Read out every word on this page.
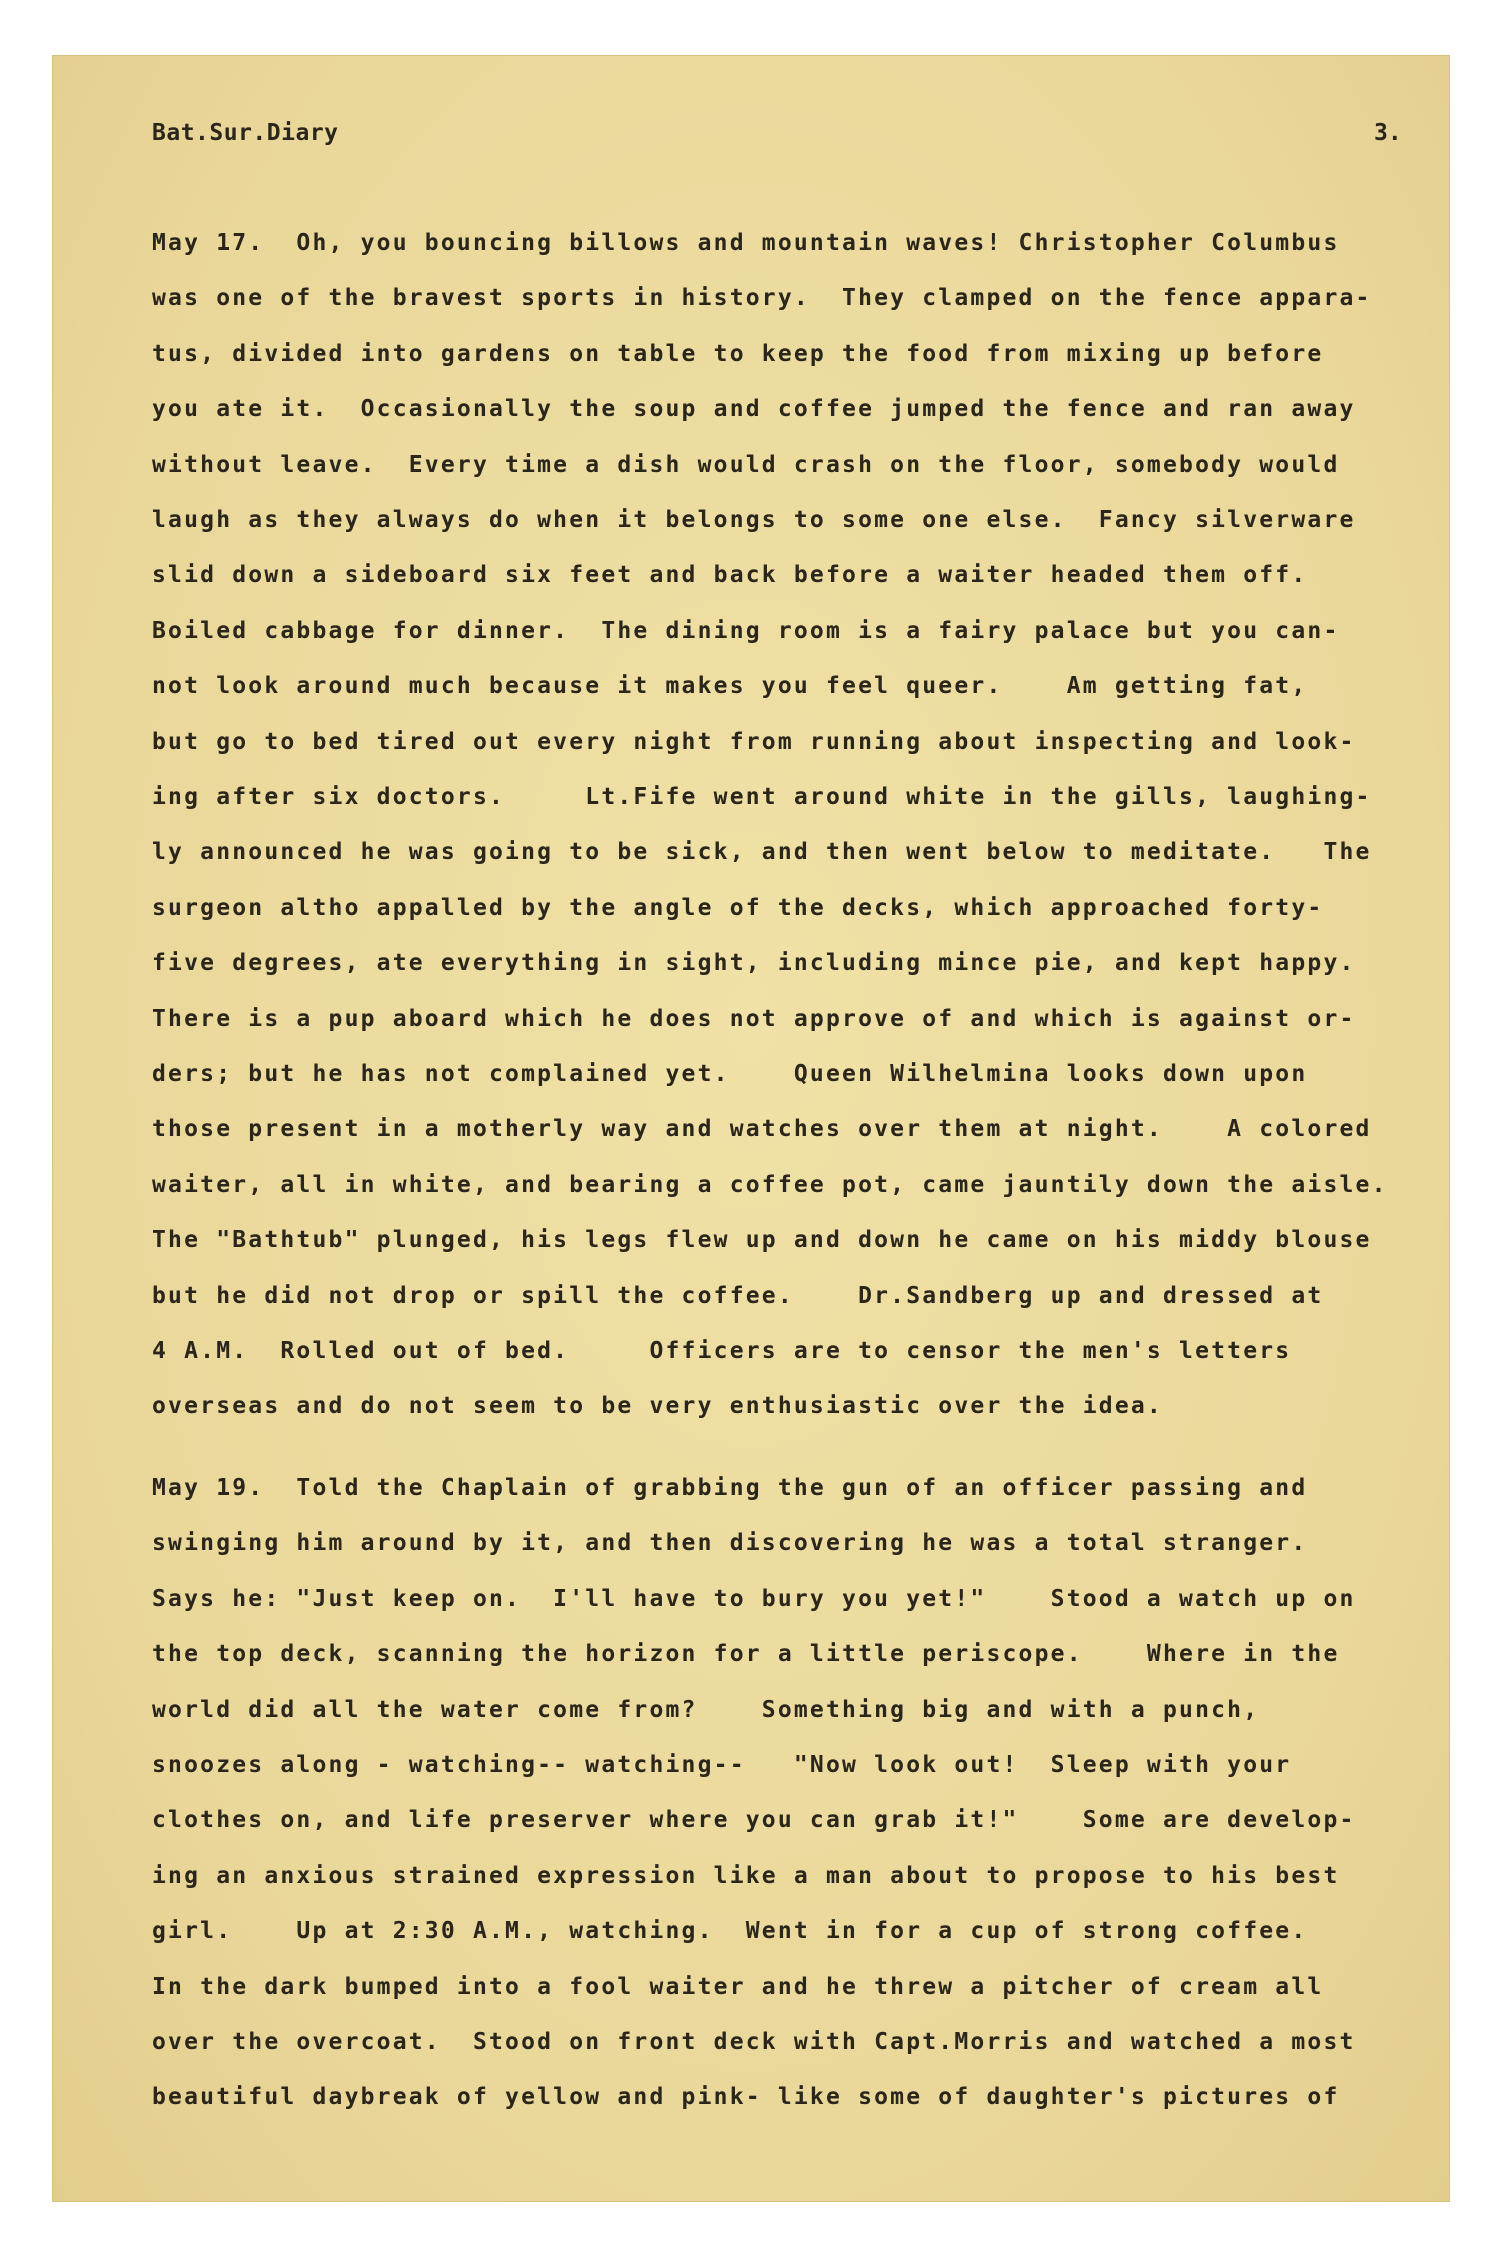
Bat.Sur.Diary	3.
May 17.  Oh, you bouncing billows and mountain waves! Christopher Columbus
was one of the bravest sports in history.  They clamped on the fence appara-
tus, divided into gardens on table to keep the food from mixing up before
you ate it.  Occasionally the soup and coffee jumped the fence and ran away
without leave.  Every time a dish would crash on the floor, somebody would
laugh as they always do when it belongs to some one else.  Fancy silverware
slid down a sideboard six feet and back before a waiter headed them off.
Boiled cabbage for dinner.  The dining room is a fairy palace but you can-
not look around much because it makes you feel queer.    Am getting fat,
but go to bed tired out every night from running about inspecting and look-
ing after six doctors.     Lt.Fife went around white in the gills, laughing-
ly announced he was going to be sick, and then went below to meditate.   The
surgeon altho appalled by the angle of the decks, which approached forty-
five degrees, ate everything in sight, including mince pie, and kept happy.
There is a pup aboard which he does not approve of and which is against or-
ders; but he has not complained yet.    Queen Wilhelmina looks down upon
those present in a motherly way and watches over them at night.    A colored
waiter, all in white, and bearing a coffee pot, came jauntily down the aisle.
The "Bathtub" plunged, his legs flew up and down he came on his middy blouse
but he did not drop or spill the coffee.    Dr.Sandberg up and dressed at
4 A.M.  Rolled out of bed.     Officers are to censor the men's letters
overseas and do not seem to be very enthusiastic over the idea.
May 19.  Told the Chaplain of grabbing the gun of an officer passing and
swinging him around by it, and then discovering he was a total stranger.
Says he: "Just keep on.  I'll have to bury you yet!"    Stood a watch up on
the top deck, scanning the horizon for a little periscope.    Where in the
world did all the water come from?    Something big and with a punch,
snoozes along - watching-- watching--   "Now look out!  Sleep with your
clothes on, and life preserver where you can grab it!"    Some are develop-
ing an anxious strained expression like a man about to propose to his best
girl.    Up at 2:30 A.M., watching.  Went in for a cup of strong coffee.
In the dark bumped into a fool waiter and he threw a pitcher of cream all
over the overcoat.  Stood on front deck with Capt.Morris and watched a most
beautiful daybreak of yellow and pink- like some of daughter's pictures of
